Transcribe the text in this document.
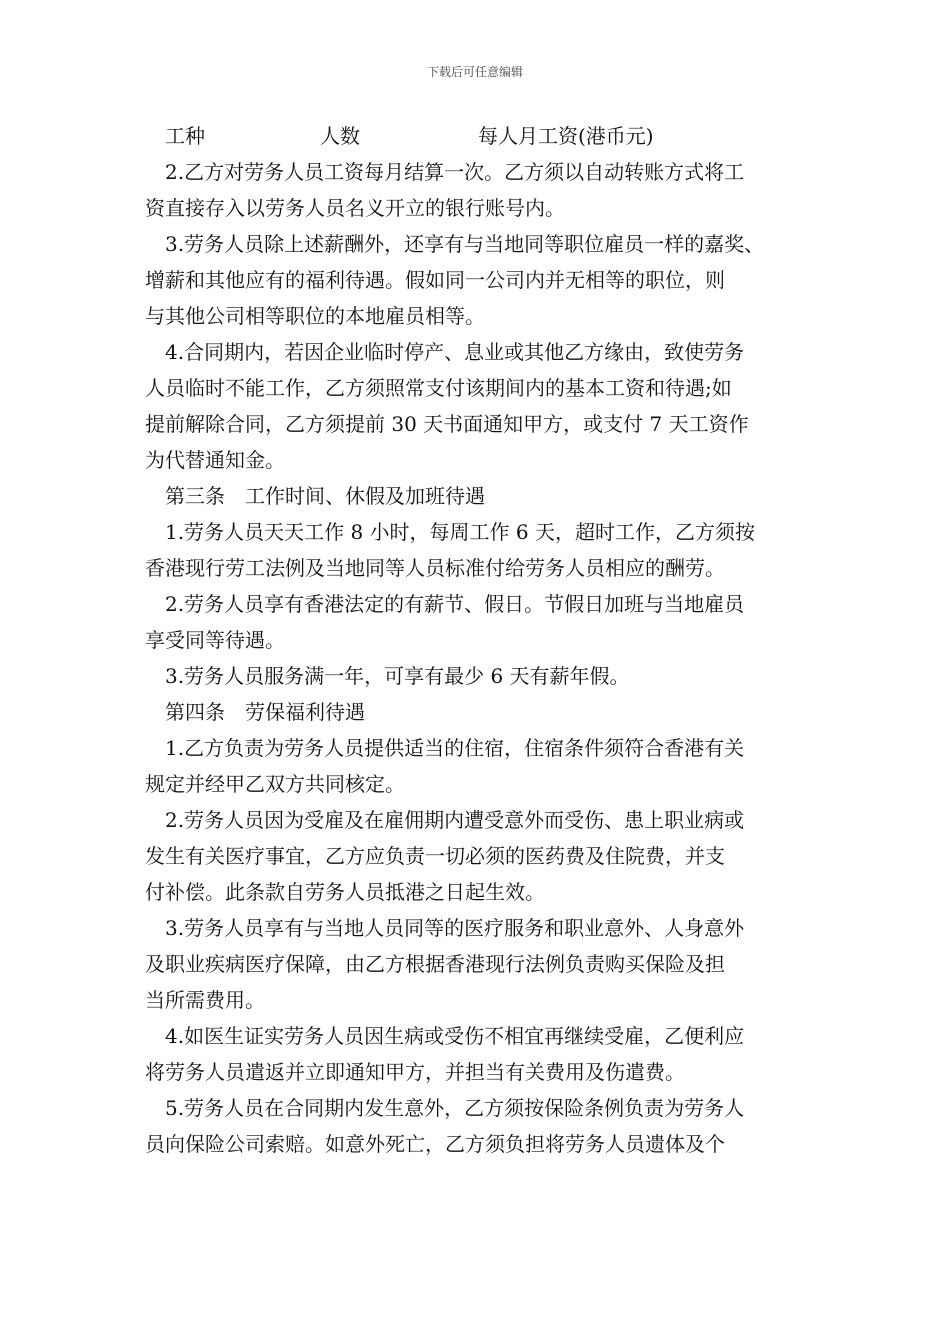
下载后可任意编辑
工种	人数	每人月工资(港币元)

2.乙方对劳务人员工资每月结算一次。乙方须以自动转账方式将工

资直接存入以劳务人员名义开立的银行账号内。

3.劳务人员除上述薪酬外，还享有与当地同等职位雇员一样的嘉奖、

增薪和其他应有的福利待遇。假如同一公司内并无相等的职位，则

与其他公司相等职位的本地雇员相等。

4.合同期内，若因企业临时停产、息业或其他乙方缘由，致使劳务

人员临时不能工作，乙方须照常支付该期间内的基本工资和待遇;如

提前解除合同，乙方须提前 30 天书面通知甲方，或支付 7 天工资作

为代替通知金。

第三条　工作时间、休假及加班待遇

1.劳务人员天天工作 8 小时，每周工作 6 天，超时工作，乙方须按

香港现行劳工法例及当地同等人员标准付给劳务人员相应的酬劳。

2.劳务人员享有香港法定的有薪节、假日。节假日加班与当地雇员

享受同等待遇。

3.劳务人员服务满一年，可享有最少 6 天有薪年假。

第四条　劳保福利待遇

1.乙方负责为劳务人员提供适当的住宿，住宿条件须符合香港有关

规定并经甲乙双方共同核定。

2.劳务人员因为受雇及在雇佣期内遭受意外而受伤、患上职业病或

发生有关医疗事宜，乙方应负责一切必须的医药费及住院费，并支

付补偿。此条款自劳务人员抵港之日起生效。

3.劳务人员享有与当地人员同等的医疗服务和职业意外、人身意外

及职业疾病医疗保障，由乙方根据香港现行法例负责购买保险及担

当所需费用。

4.如医生证实劳务人员因生病或受伤不相宜再继续受雇，乙便利应

将劳务人员遣返并立即通知甲方，并担当有关费用及伤遣费。

5.劳务人员在合同期内发生意外，乙方须按保险条例负责为劳务人

员向保险公司索赔。如意外死亡，乙方须负担将劳务人员遗体及个
